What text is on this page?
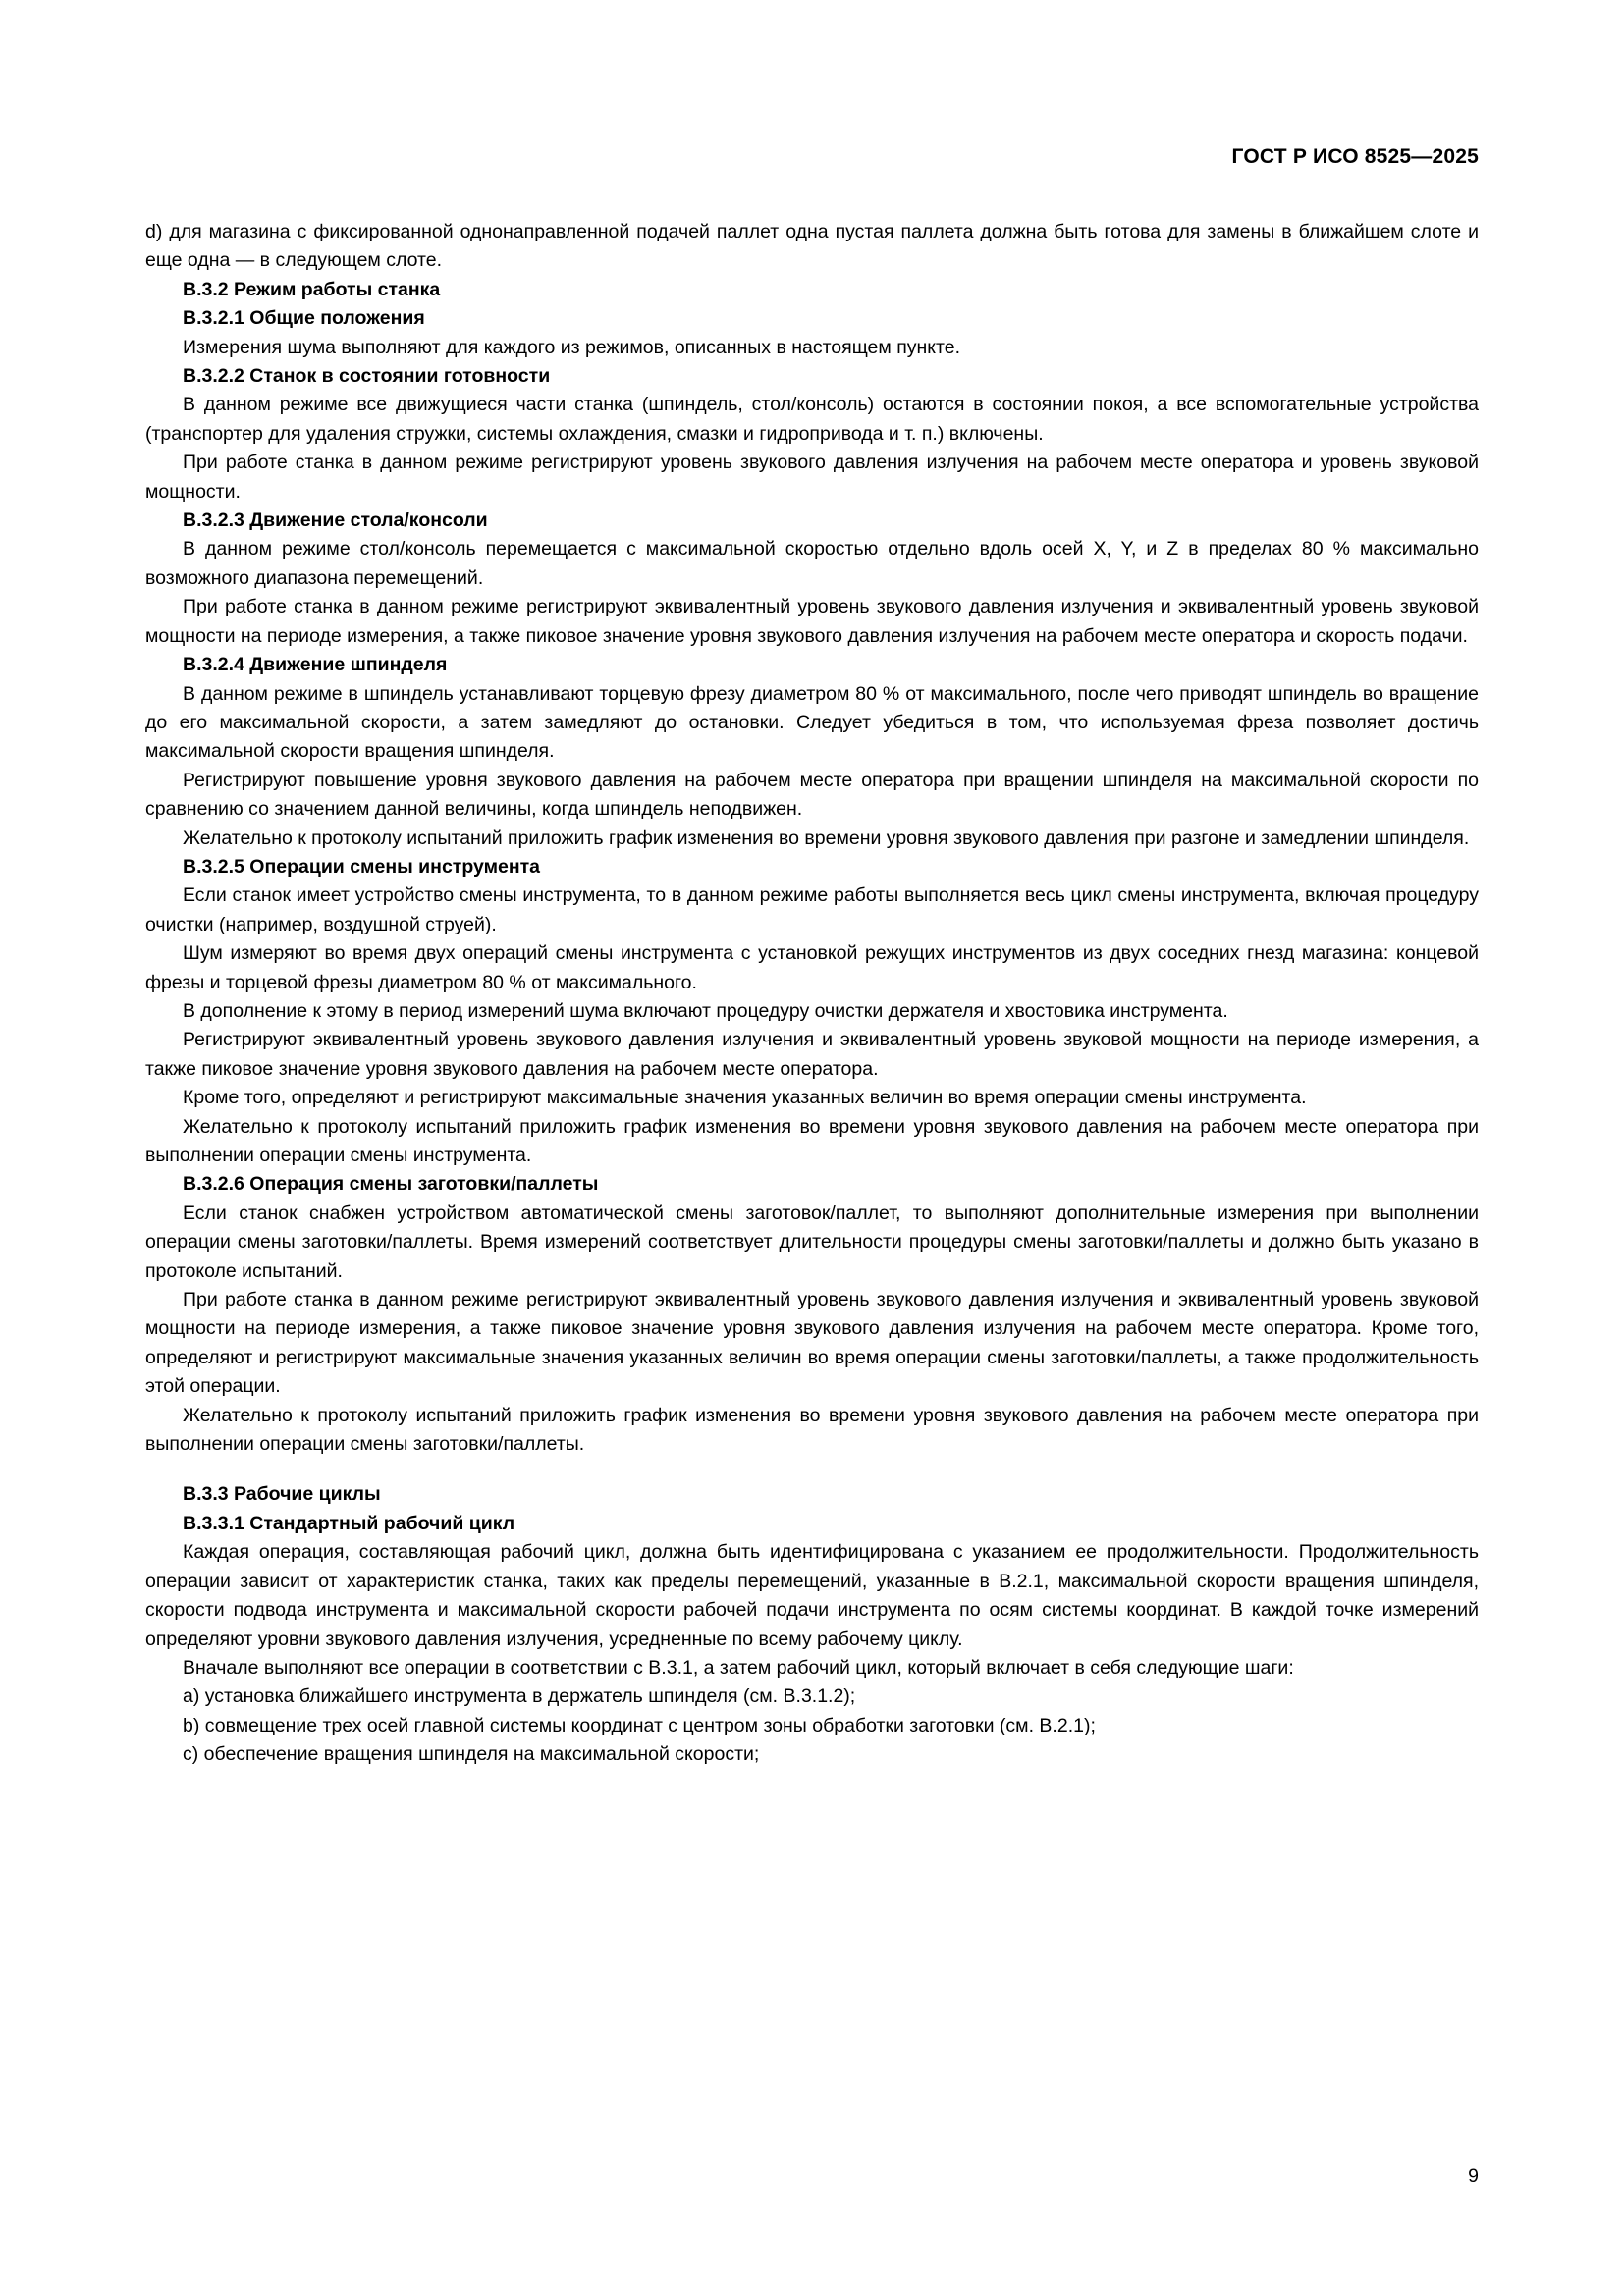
ГОСТ Р ИСО 8525—2025

d) для магазина с фиксированной однонаправленной подачей паллет одна пустая паллета должна быть готова для замены в ближайшем слоте и еще одна — в следующем слоте.

В.3.2 Режим работы станка

В.3.2.1 Общие положения

Измерения шума выполняют для каждого из режимов, описанных в настоящем пункте.

В.3.2.2 Станок в состоянии готовности

В данном режиме все движущиеся части станка (шпиндель, стол/консоль) остаются в состоянии покоя, а все вспомогательные устройства (транспортер для удаления стружки, системы охлаждения, смазки и гидропривода и т. п.) включены.

При работе станка в данном режиме регистрируют уровень звукового давления излучения на рабочем месте оператора и уровень звуковой мощности.

В.3.2.3 Движение стола/консоли

В данном режиме стол/консоль перемещается с максимальной скоростью отдельно вдоль осей X, Y, и Z в пределах 80 % максимально возможного диапазона перемещений.

При работе станка в данном режиме регистрируют эквивалентный уровень звукового давления излучения и эквивалентный уровень звуковой мощности на периоде измерения, а также пиковое значение уровня звукового давления излучения на рабочем месте оператора и скорость подачи.

В.3.2.4 Движение шпинделя

В данном режиме в шпиндель устанавливают торцевую фрезу диаметром 80 % от максимального, после чего приводят шпиндель во вращение до его максимальной скорости, а затем замедляют до остановки. Следует убедиться в том, что используемая фреза позволяет достичь максимальной скорости вращения шпинделя.

Регистрируют повышение уровня звукового давления на рабочем месте оператора при вращении шпинделя на максимальной скорости по сравнению со значением данной величины, когда шпиндель неподвижен.

Желательно к протоколу испытаний приложить график изменения во времени уровня звукового давления при разгоне и замедлении шпинделя.

В.3.2.5 Операции смены инструмента

Если станок имеет устройство смены инструмента, то в данном режиме работы выполняется весь цикл смены инструмента, включая процедуру очистки (например, воздушной струей).

Шум измеряют во время двух операций смены инструмента с установкой режущих инструментов из двух соседних гнезд магазина: концевой фрезы и торцевой фрезы диаметром 80 % от максимального.

В дополнение к этому в период измерений шума включают процедуру очистки держателя и хвостовика инструмента.

Регистрируют эквивалентный уровень звукового давления излучения и эквивалентный уровень звуковой мощности на периоде измерения, а также пиковое значение уровня звукового давления на рабочем месте оператора.

Кроме того, определяют и регистрируют максимальные значения указанных величин во время операции смены инструмента.

Желательно к протоколу испытаний приложить график изменения во времени уровня звукового давления на рабочем месте оператора при выполнении операции смены инструмента.

В.3.2.6 Операция смены заготовки/паллеты

Если станок снабжен устройством автоматической смены заготовок/паллет, то выполняют дополнительные измерения при выполнении операции смены заготовки/паллеты. Время измерений соответствует длительности процедуры смены заготовки/паллеты и должно быть указано в протоколе испытаний.

При работе станка в данном режиме регистрируют эквивалентный уровень звукового давления излучения и эквивалентный уровень звуковой мощности на периоде измерения, а также пиковое значение уровня звукового давления излучения на рабочем месте оператора. Кроме того, определяют и регистрируют максимальные значения указанных величин во время операции смены заготовки/паллеты, а также продолжительность этой операции.

Желательно к протоколу испытаний приложить график изменения во времени уровня звукового давления на рабочем месте оператора при выполнении операции смены заготовки/паллеты.

В.3.3 Рабочие циклы

В.3.3.1 Стандартный рабочий цикл

Каждая операция, составляющая рабочий цикл, должна быть идентифицирована с указанием ее продолжительности. Продолжительность операции зависит от характеристик станка, таких как пределы перемещений, указанные в В.2.1, максимальной скорости вращения шпинделя, скорости подвода инструмента и максимальной скорости рабочей подачи инструмента по осям системы координат. В каждой точке измерений определяют уровни звукового давления излучения, усредненные по всему рабочему циклу.

Вначале выполняют все операции в соответствии с В.3.1, а затем рабочий цикл, который включает в себя следующие шаги:

a) установка ближайшего инструмента в держатель шпинделя (см. В.3.1.2);

b) совмещение трех осей главной системы координат с центром зоны обработки заготовки (см. В.2.1);

c) обеспечение вращения шпинделя на максимальной скорости;

9
